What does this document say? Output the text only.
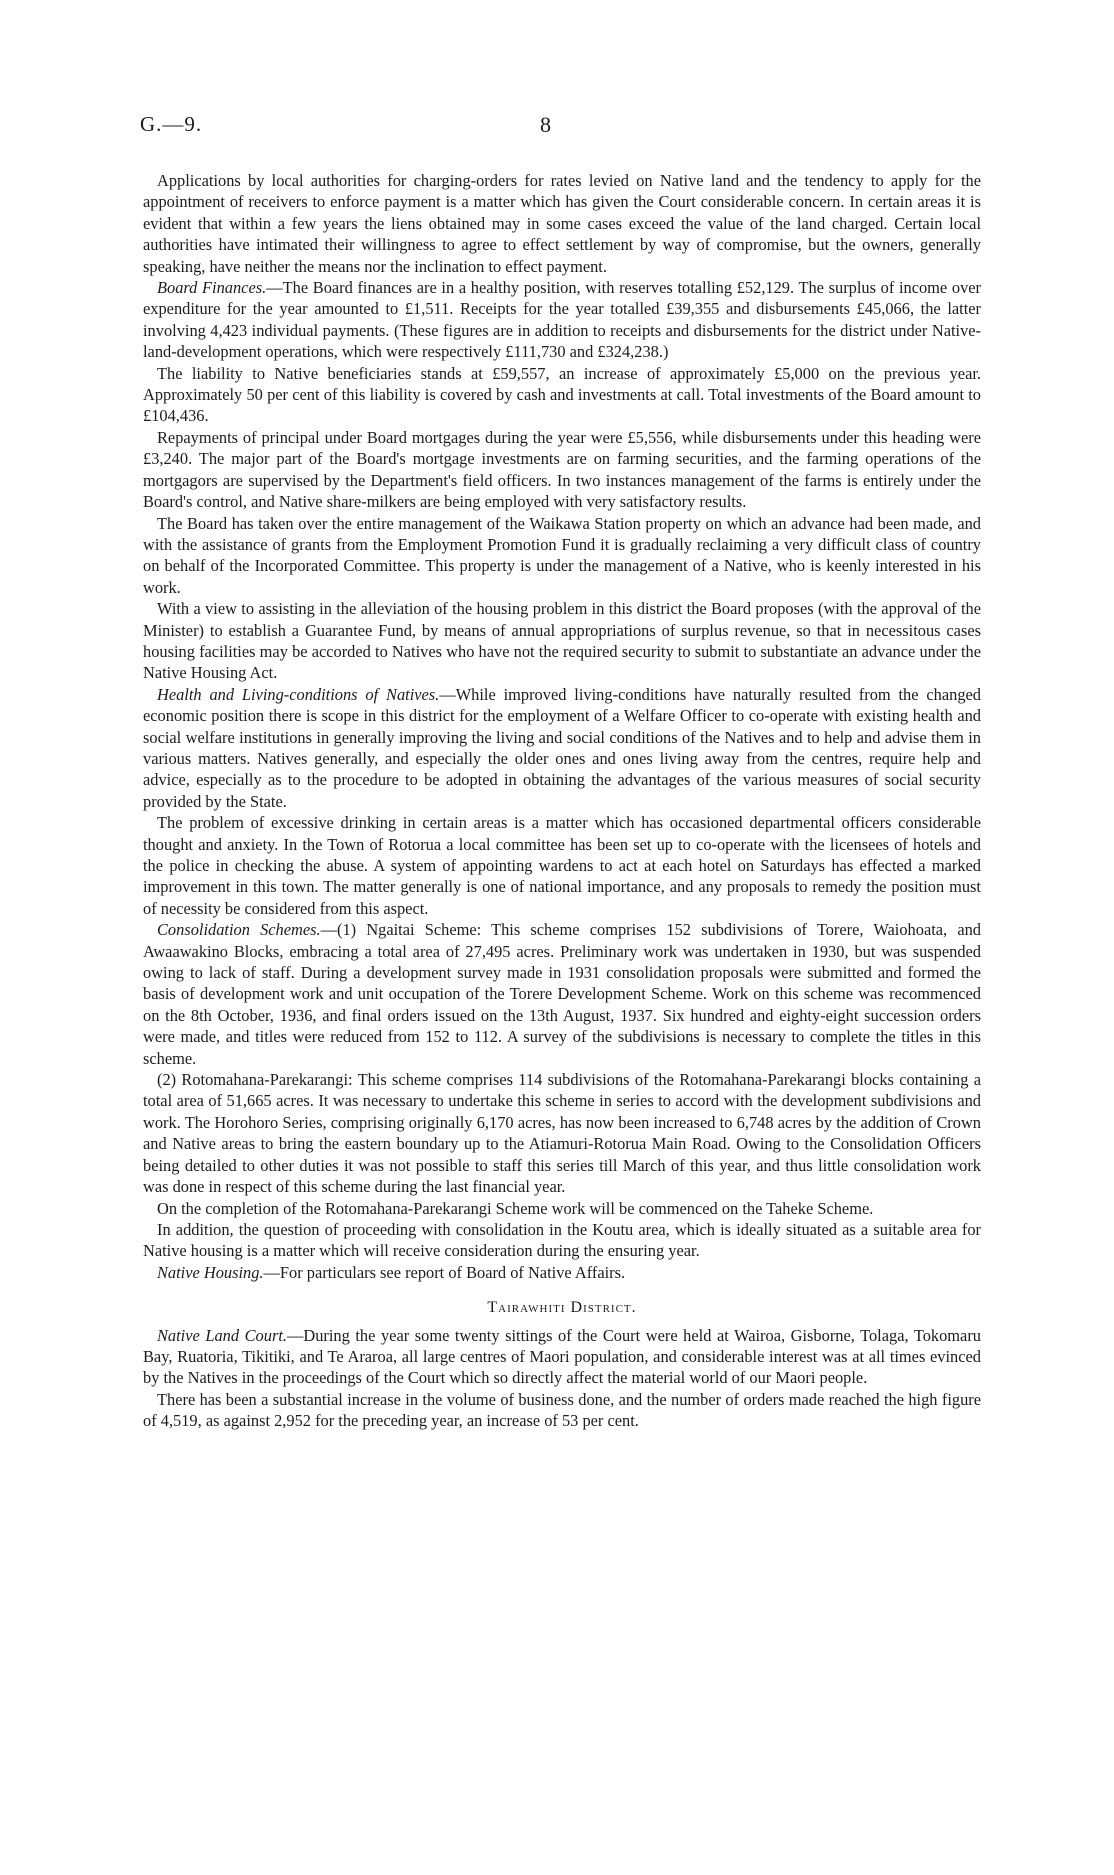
G.—9.	8

Applications by local authorities for charging-orders for rates levied on Native land and the tendency to apply for the appointment of receivers to enforce payment is a matter which has given the Court considerable concern. In certain areas it is evident that within a few years the liens obtained may in some cases exceed the value of the land charged. Certain local authorities have intimated their willingness to agree to effect settlement by way of compromise, but the owners, generally speaking, have neither the means nor the inclination to effect payment.

Board Finances.—The Board finances are in a healthy position, with reserves totalling £52,129. The surplus of income over expenditure for the year amounted to £1,511. Receipts for the year totalled £39,355 and disbursements £45,066, the latter involving 4,423 individual payments. (These figures are in addition to receipts and disbursements for the district under Native-land-development operations, which were respectively £111,730 and £324,238.)

The liability to Native beneficiaries stands at £59,557, an increase of approximately £5,000 on the previous year. Approximately 50 per cent of this liability is covered by cash and investments at call. Total investments of the Board amount to £104,436.

Repayments of principal under Board mortgages during the year were £5,556, while disbursements under this heading were £3,240. The major part of the Board's mortgage investments are on farming securities, and the farming operations of the mortgagors are supervised by the Department's field officers. In two instances management of the farms is entirely under the Board's control, and Native share-milkers are being employed with very satisfactory results.

The Board has taken over the entire management of the Waikawa Station property on which an advance had been made, and with the assistance of grants from the Employment Promotion Fund it is gradually reclaiming a very difficult class of country on behalf of the Incorporated Committee. This property is under the management of a Native, who is keenly interested in his work.

With a view to assisting in the alleviation of the housing problem in this district the Board proposes (with the approval of the Minister) to establish a Guarantee Fund, by means of annual appropriations of surplus revenue, so that in necessitous cases housing facilities may be accorded to Natives who have not the required security to submit to substantiate an advance under the Native Housing Act.

Health and Living-conditions of Natives.—While improved living-conditions have naturally resulted from the changed economic position there is scope in this district for the employment of a Welfare Officer to co-operate with existing health and social welfare institutions in generally improving the living and social conditions of the Natives and to help and advise them in various matters. Natives generally, and especially the older ones and ones living away from the centres, require help and advice, especially as to the procedure to be adopted in obtaining the advantages of the various measures of social security provided by the State.

The problem of excessive drinking in certain areas is a matter which has occasioned departmental officers considerable thought and anxiety. In the Town of Rotorua a local committee has been set up to co-operate with the licensees of hotels and the police in checking the abuse. A system of appointing wardens to act at each hotel on Saturdays has effected a marked improvement in this town. The matter generally is one of national importance, and any proposals to remedy the position must of necessity be considered from this aspect.

Consolidation Schemes.—(1) Ngaitai Scheme: This scheme comprises 152 subdivisions of Torere, Waiohoata, and Awaawakino Blocks, embracing a total area of 27,495 acres. Preliminary work was undertaken in 1930, but was suspended owing to lack of staff. During a development survey made in 1931 consolidation proposals were submitted and formed the basis of development work and unit occupation of the Torere Development Scheme. Work on this scheme was recommenced on the 8th October, 1936, and final orders issued on the 13th August, 1937. Six hundred and eighty-eight succession orders were made, and titles were reduced from 152 to 112. A survey of the subdivisions is necessary to complete the titles in this scheme.

(2) Rotomahana-Parekarangi: This scheme comprises 114 subdivisions of the Rotomahana-Parekarangi blocks containing a total area of 51,665 acres. It was necessary to undertake this scheme in series to accord with the development subdivisions and work. The Horohoro Series, comprising originally 6,170 acres, has now been increased to 6,748 acres by the addition of Crown and Native areas to bring the eastern boundary up to the Atiamuri-Rotorua Main Road. Owing to the Consolidation Officers being detailed to other duties it was not possible to staff this series till March of this year, and thus little consolidation work was done in respect of this scheme during the last financial year.

On the completion of the Rotomahana-Parekarangi Scheme work will be commenced on the Taheke Scheme.

In addition, the question of proceeding with consolidation in the Koutu area, which is ideally situated as a suitable area for Native housing is a matter which will receive consideration during the ensuring year.

Native Housing.—For particulars see report of Board of Native Affairs.

Tairawhiti District.

Native Land Court.—During the year some twenty sittings of the Court were held at Wairoa, Gisborne, Tolaga, Tokomaru Bay, Ruatoria, Tikitiki, and Te Araroa, all large centres of Maori population, and considerable interest was at all times evinced by the Natives in the proceedings of the Court which so directly affect the material world of our Maori people.

There has been a substantial increase in the volume of business done, and the number of orders made reached the high figure of 4,519, as against 2,952 for the preceding year, an increase of 53 per cent.
